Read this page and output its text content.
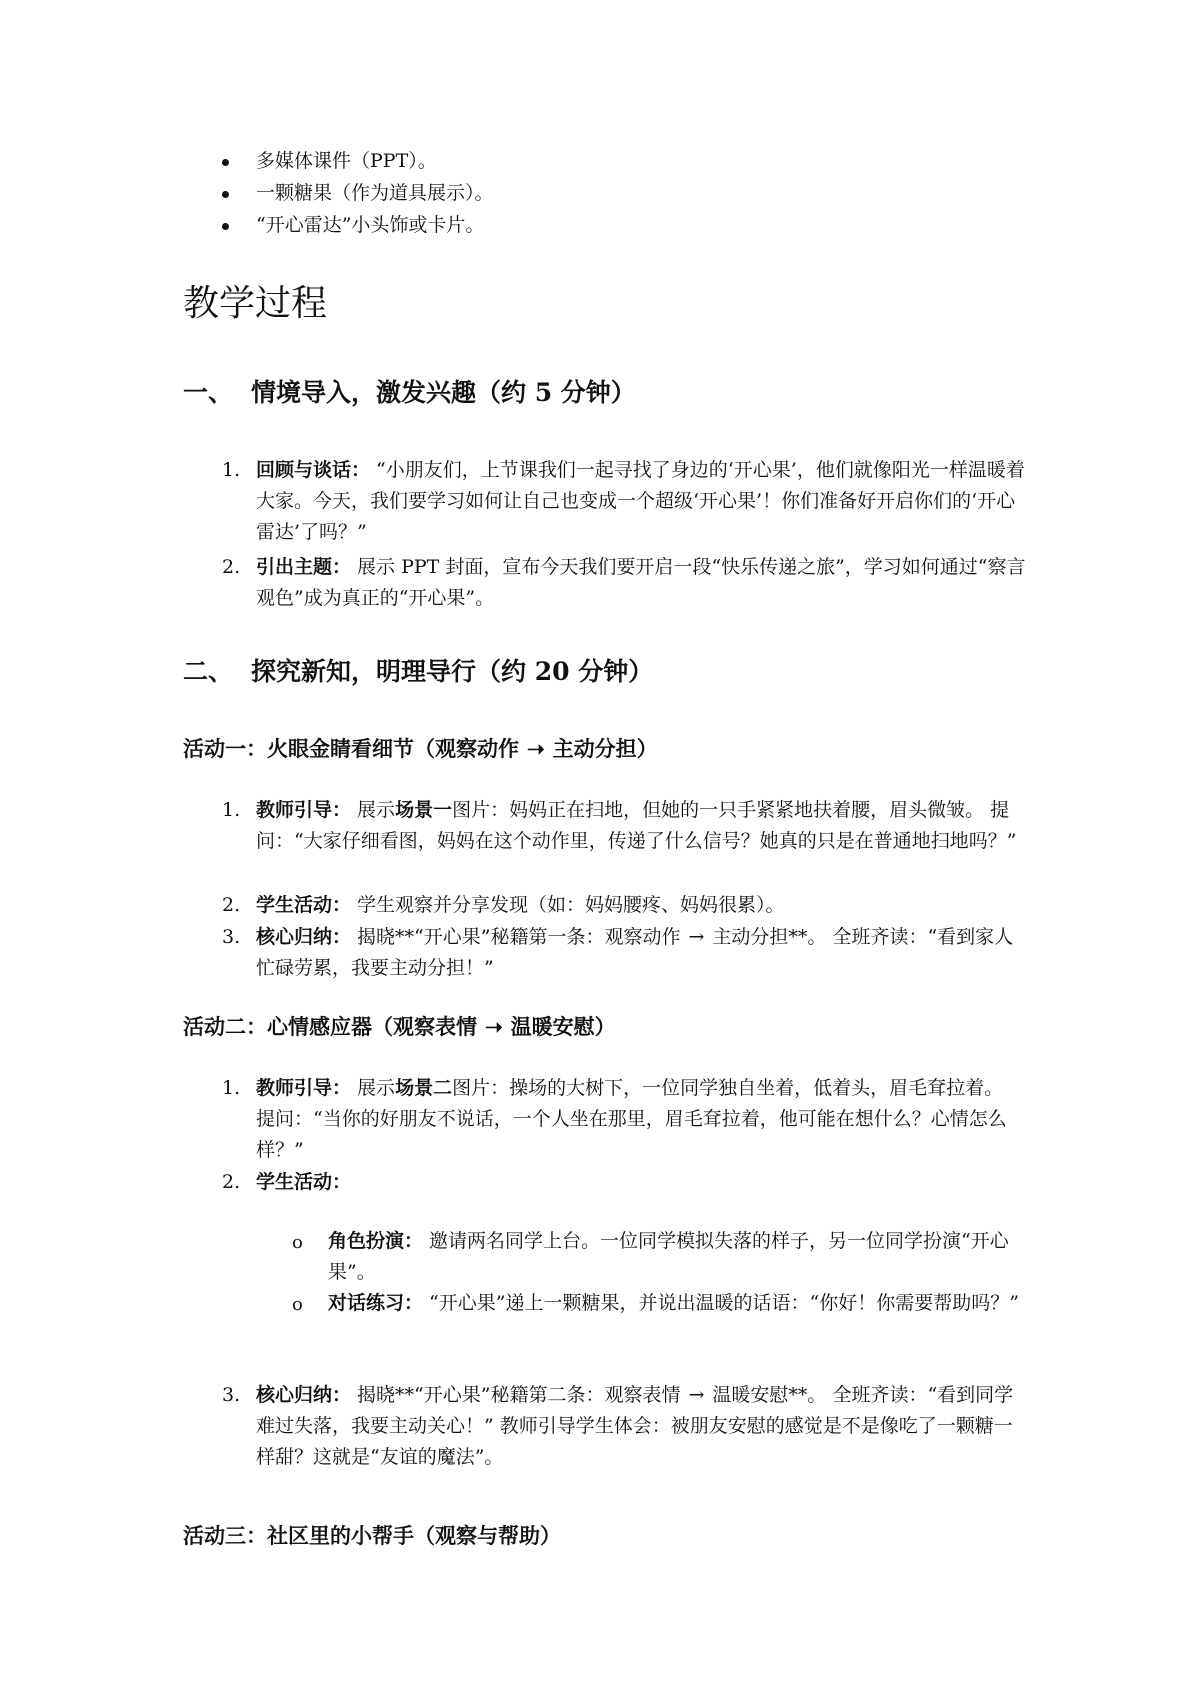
多媒体课件（PPT）。
一颗糖果（作为道具展示）。
“开心雷达”小头饰或卡片。
教学过程
一、 情境导入，激发兴趣（约 5 分钟）
1. 回顾与谈话： “小朋友们，上节课我们一起寻找了身边的‘开心果’，他们就像阳光一样温暖着大家。今天，我们要学习如何让自己也变成一个超级‘开心果’！你们准备好开启你们的‘开心雷达’了吗？”
2. 引出主题： 展示 PPT 封面，宣布今天我们要开启一段“快乐传递之旅”，学习如何通过“察言观色”成为真正的“开心果”。
二、 探究新知，明理导行（约 20 分钟）
活动一：火眼金睛看细节（观察动作 ➝ 主动分担）
1. 教师引导： 展示场景一图片：妈妈正在扫地，但她的一只手紧紧地扶着腰，眉头微皱。 提问：“大家仔细看图，妈妈在这个动作里，传递了什么信号？她真的只是在普通地扫地吗？”
2. 学生活动： 学生观察并分享发现（如：妈妈腰疼、妈妈很累）。
3. 核心归纳： 揭晓**“开心果”秘籍第一条：观察动作 → 主动分担**。 全班齐读：“看到家人忙碌劳累，我要主动分担！”
活动二：心情感应器（观察表情 ➝ 温暖安慰）
1. 教师引导： 展示场景二图片：操场的大树下，一位同学独自坐着，低着头，眉毛耷拉着。 提问：“当你的好朋友不说话，一个人坐在那里，眉毛耷拉着，他可能在想什么？心情怎么样？”
2. 学生活动：
o 角色扮演： 邀请两名同学上台。一位同学模拟失落的样子，另一位同学扮演“开心果”。
o 对话练习： “开心果”递上一颗糖果，并说出温暖的话语：“你好！你需要帮助吗？”
3. 核心归纳： 揭晓**“开心果”秘籍第二条：观察表情 → 温暖安慰**。 全班齐读：“看到同学难过失落，我要主动关心！” 教师引导学生体会：被朋友安慰的感觉是不是像吃了一颗糖一样甜？这就是“友谊的魔法”。
活动三：社区里的小帮手（观察与帮助）
